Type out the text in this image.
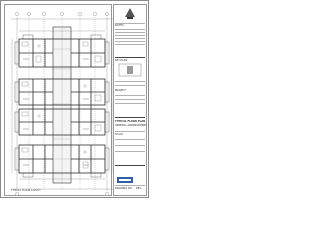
TYPICAL FLOOR LAYOUT
NOTES
KEY PLAN
PROJECT
TYPICAL FLOOR PLAN
GENERAL ARRANGEMENT
SCALE
DRAWING NO. REV.
